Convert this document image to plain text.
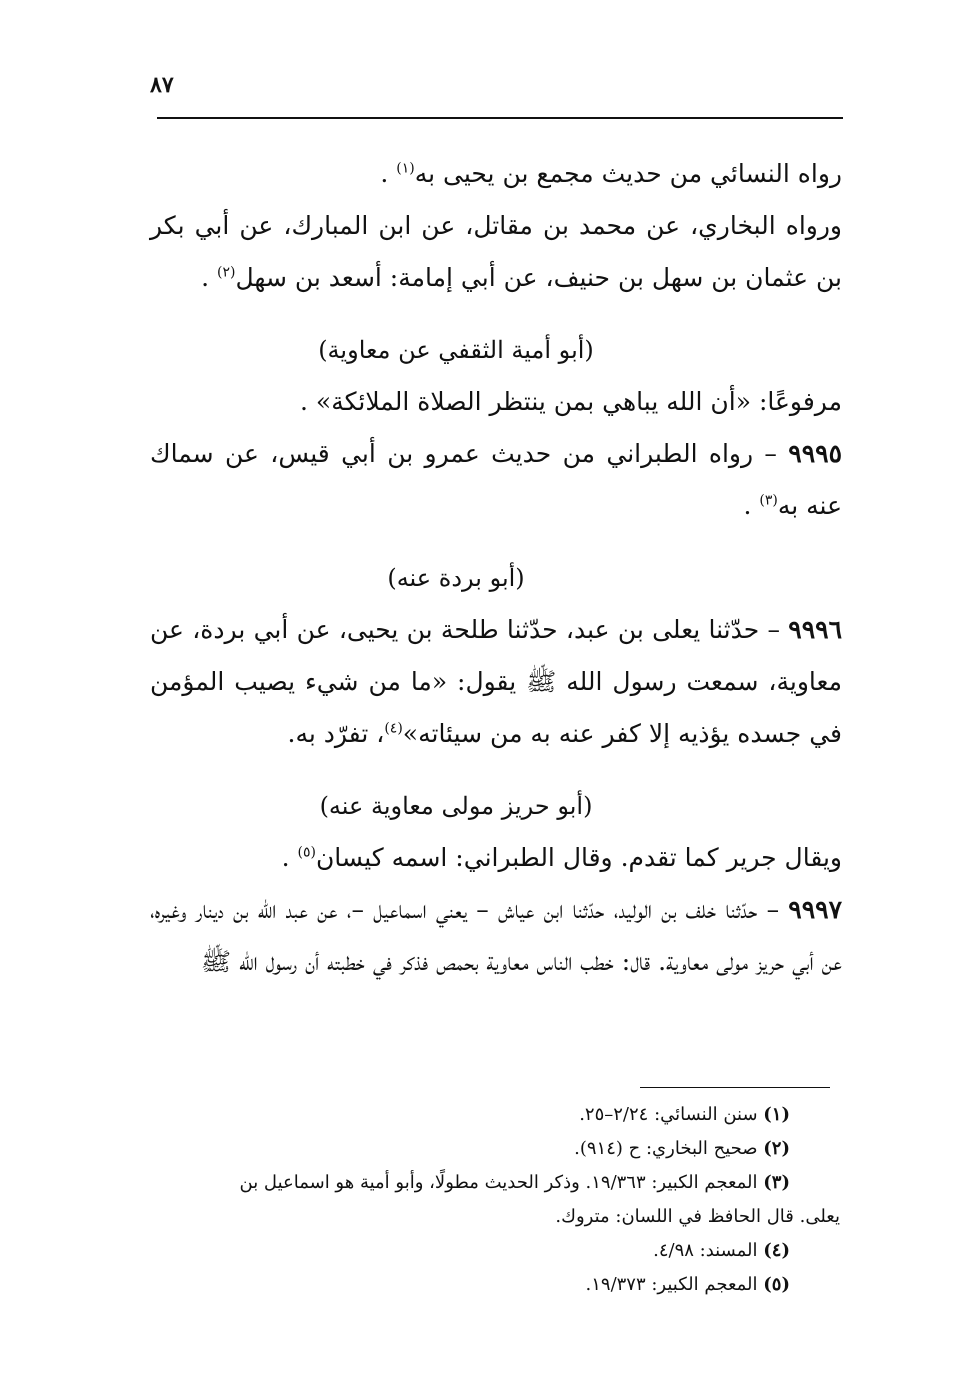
٨٧

رواه النسائي من حديث مجمع بن يحيى به$^{(١)}$ .

ورواه البخاري، عن محمد بن مقاتل، عن ابن المبارك، عن أبي بكر بن عثمان بن سهل بن حنيف، عن أبي إمامة: أسعد بن سهل$^{(٢)}$ .

(أبو أمية الثقفي عن معاوية)

مرفوعًا: «أن الله يباهي بمن ينتظر الصلاة الملائكة» .

٩٩٩٥ – رواه الطبراني من حديث عمرو بن أبي قيس، عن سماك عنه به$^{(٣)}$ .

(أبو بردة عنه)

٩٩٩٦ – حدّثنا يعلى بن عبد، حدّثنا طلحة بن يحيى، عن أبي بردة، عن معاوية، سمعت رسول الله ﷺ يقول: «ما من شيء يصيب المؤمن في جسده يؤذيه إلا كفر عنه به من سيئاته»$^{(٤)}$، تفرّد به.

(أبو حريز مولى معاوية عنه)

ويقال جرير كما تقدم. وقال الطبراني: اسمه كيسان$^{(٥)}$ .

٩٩٩٧ – حدّثنا خلف بن الوليد، حدّثنا ابن عياش – يعني اسماعيل –، عن عبد الله بن دينار وغيره، عن أبي حريز مولى معاوية. قال: خطب الناس معاوية بحمص فذكر في خطبته أن رسول الله ﷺ

(١) سنن النسائي: ٢/٢٤–٢٥.

(٢) صحيح البخاري: ح (٩١٤).

(٣) المعجم الكبير: ١٩/٣٦٣. وذكر الحديث مطولًا، وأبو أمية هو اسماعيل بن

يعلى. قال الحافظ في اللسان: متروك.

(٤) المسند: ٤/٩٨.

(٥) المعجم الكبير: ١٩/٣٧٣.
